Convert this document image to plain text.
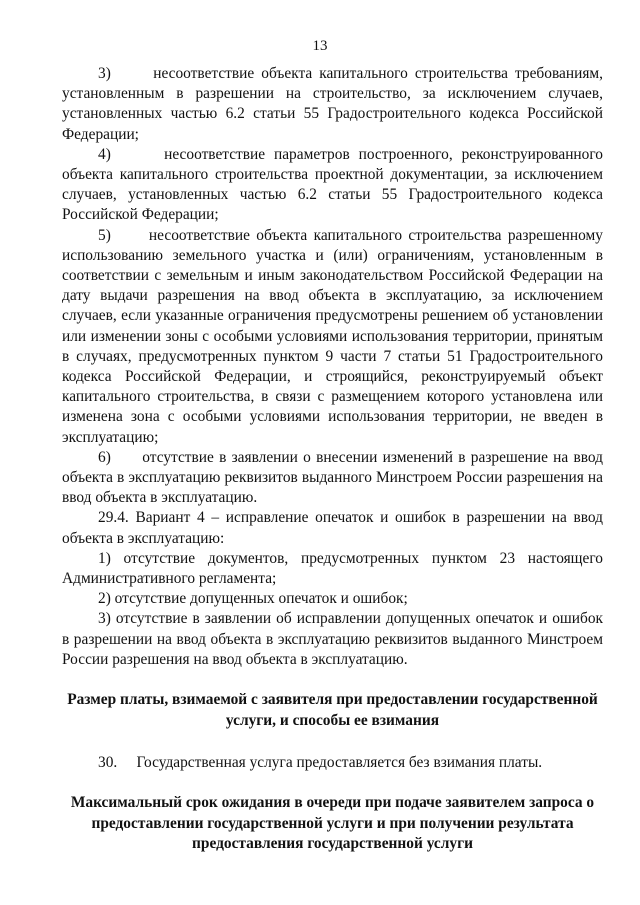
13

3)      несоответствие объекта капитального строительства требованиям, установленным в разрешении на строительство, за исключением случаев, установленных частью 6.2 статьи 55 Градостроительного кодекса Российской Федерации;

4)      несоответствие параметров построенного, реконструированного объекта капитального строительства проектной документации, за исключением случаев, установленных частью 6.2 статьи 55 Градостроительного кодекса Российской Федерации;

5)      несоответствие объекта капитального строительства разрешенному использованию земельного участка и (или) ограничениям, установленным в соответствии с земельным и иным законодательством Российской Федерации на дату выдачи разрешения на ввод объекта в эксплуатацию, за исключением случаев, если указанные ограничения предусмотрены решением об установлении или изменении зоны с особыми условиями использования территории, принятым в случаях, предусмотренных пунктом 9 части 7 статьи 51 Градостроительного кодекса Российской Федерации, и строящийся, реконструируемый объект капитального строительства, в связи с размещением которого установлена или изменена зона с особыми условиями использования территории, не введен в эксплуатацию;

6)      отсутствие в заявлении о внесении изменений в разрешение на ввод объекта в эксплуатацию реквизитов выданного Минстроем России разрешения на ввод объекта в эксплуатацию.

29.4. Вариант 4 – исправление опечаток и ошибок в разрешении на ввод объекта в эксплуатацию:

1) отсутствие документов, предусмотренных пунктом 23 настоящего Административного регламента;

2) отсутствие допущенных опечаток и ошибок;

3) отсутствие в заявлении об исправлении допущенных опечаток и ошибок в разрешении на ввод объекта в эксплуатацию реквизитов выданного Минстроем России разрешения на ввод объекта в эксплуатацию.

Размер платы, взимаемой с заявителя при предоставлении государственной услуги, и способы ее взимания

30.     Государственная услуга предоставляется без взимания платы.

Максимальный срок ожидания в очереди при подаче заявителем запроса о предоставлении государственной услуги и при получении результата предоставления государственной услуги
